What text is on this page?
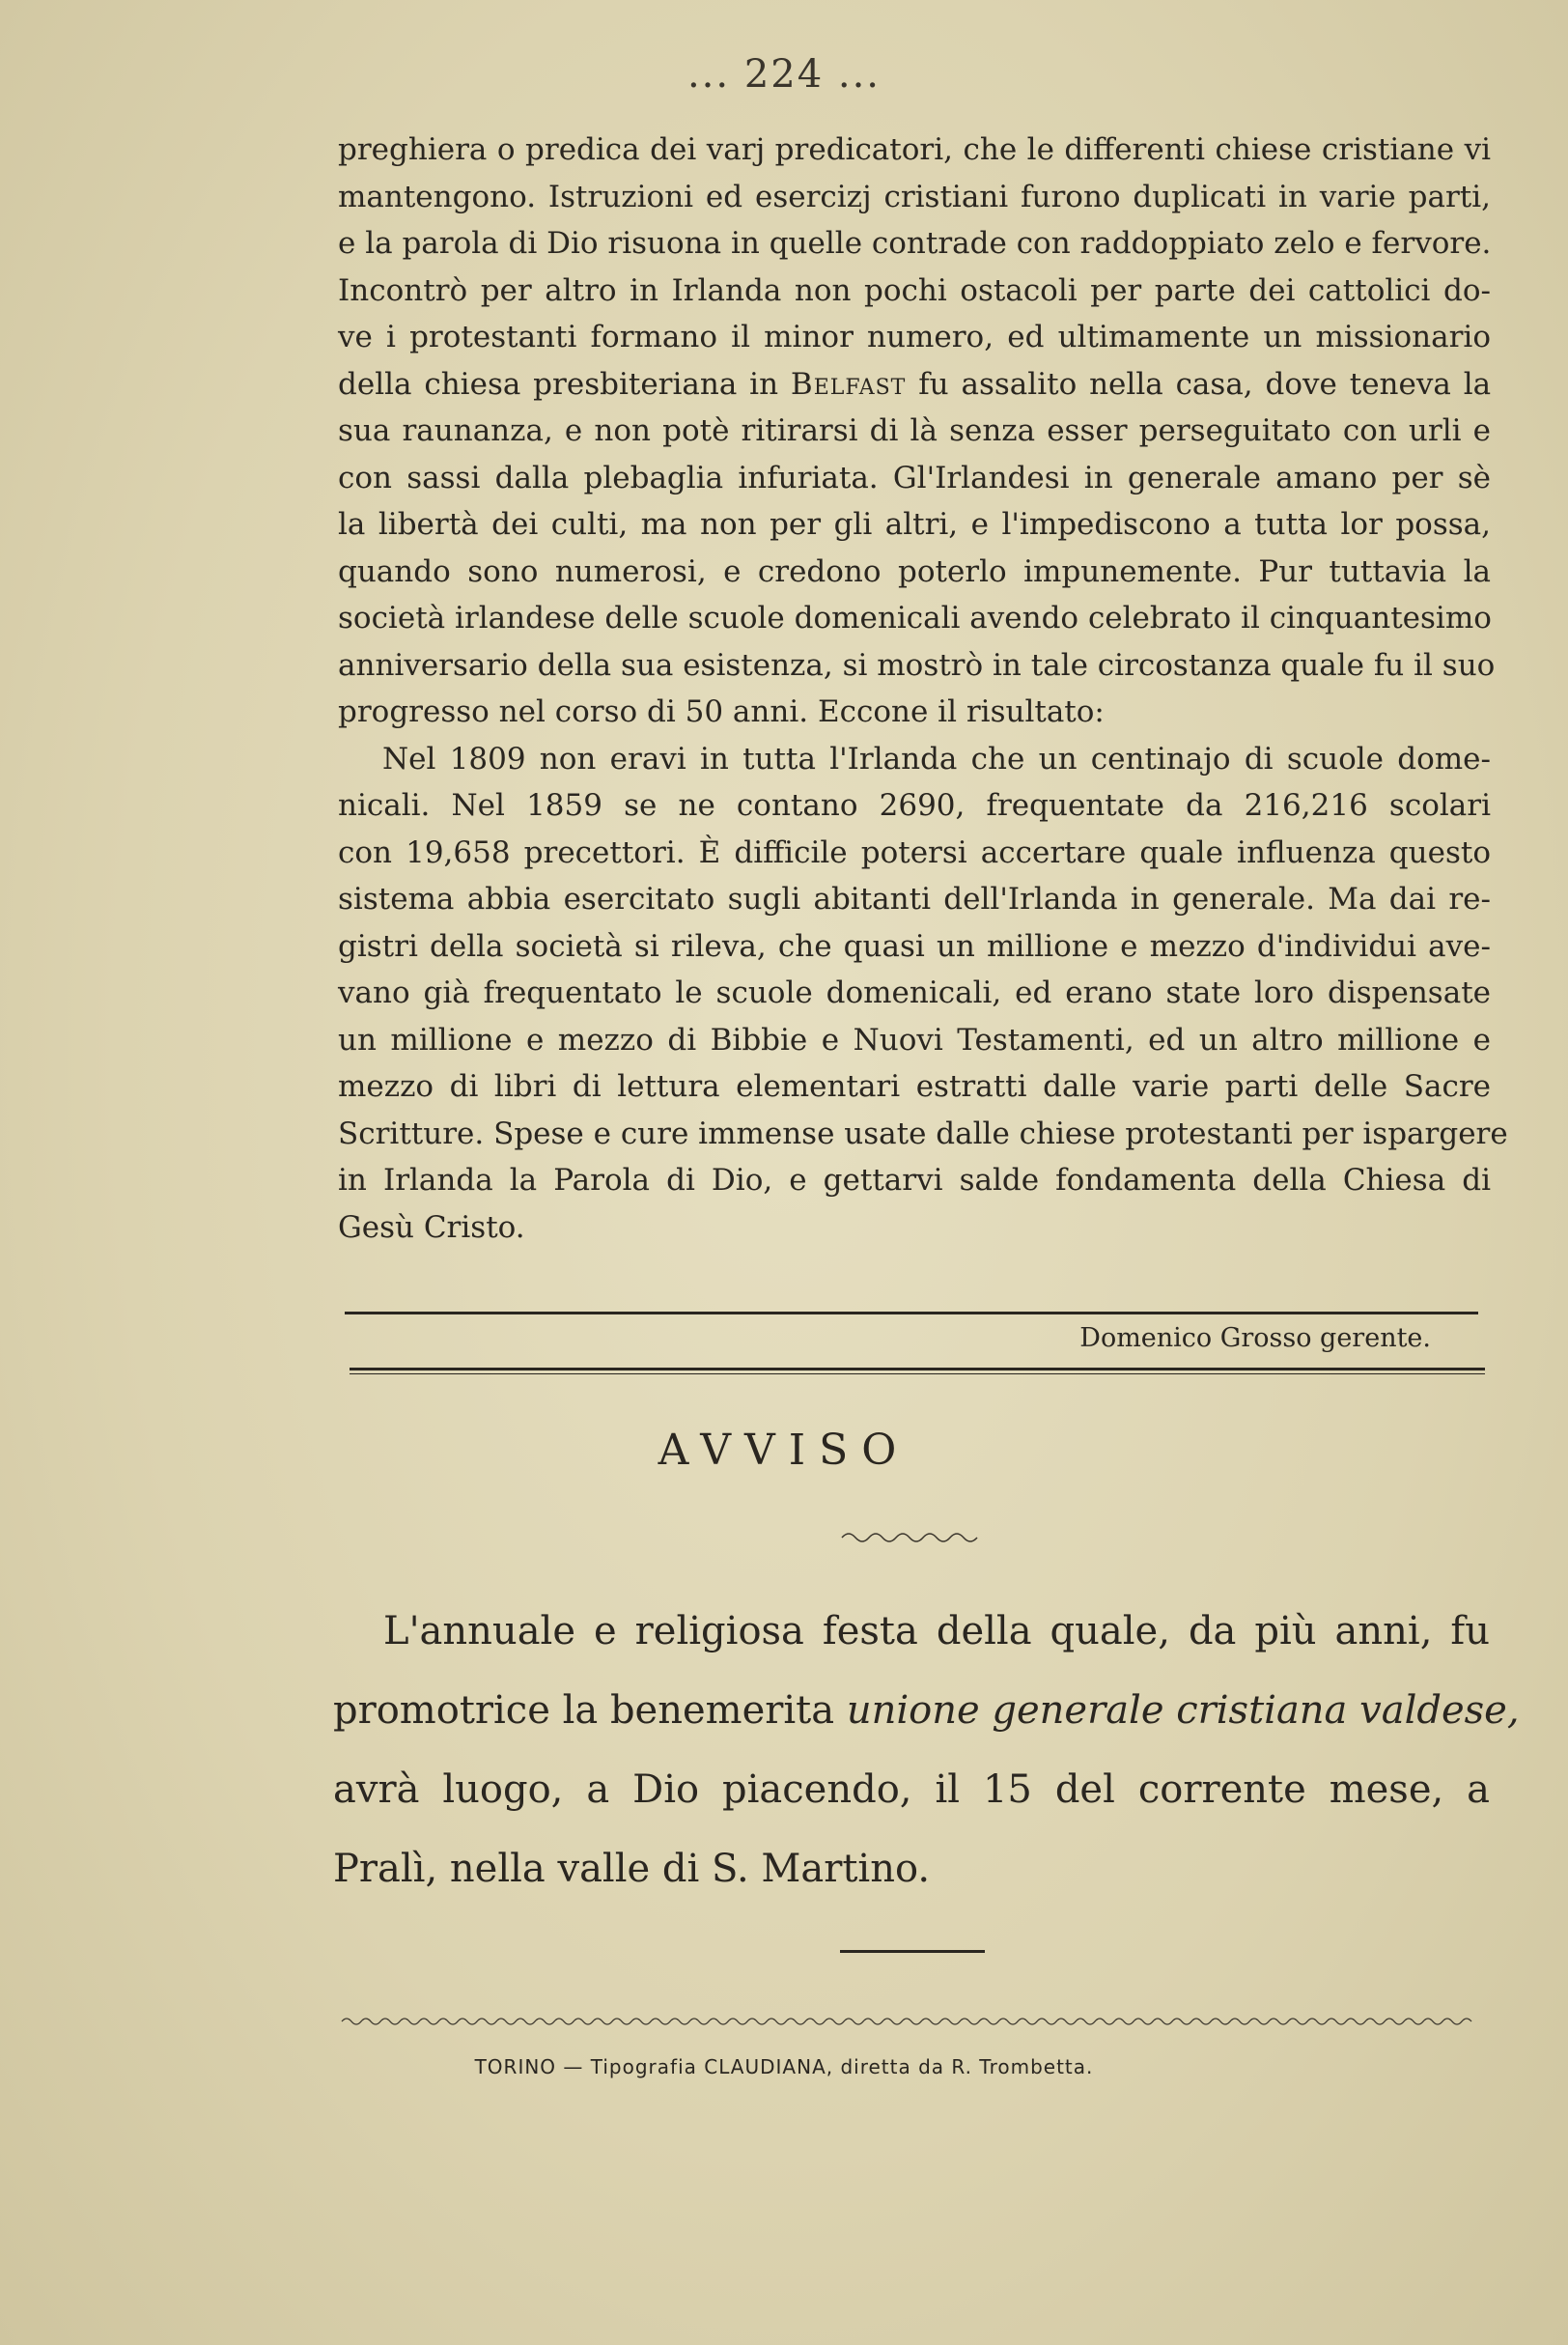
... 224 ...
preghiera o predica dei varj predicatori, che le differenti chiese cristiane vi
mantengono. Istruzioni ed esercizj cristiani furono duplicati in varie parti,
e la parola di Dio risuona in quelle contrade con raddoppiato zelo e fervore.
Incontrò per altro in Irlanda non pochi ostacoli per parte dei cattolici do-
ve i protestanti formano il minor numero, ed ultimamente un missionario
della chiesa presbiteriana in Belfast fu assalito nella casa, dove teneva la
sua raunanza, e non potè ritirarsi di là senza esser perseguitato con urli e
con sassi dalla plebaglia infuriata. Gl'Irlandesi in generale amano per sè
la libertà dei culti, ma non per gli altri, e l'impediscono a tutta lor possa,
quando sono numerosi, e credono poterlo impunemente. Pur tuttavia la
società irlandese delle scuole domenicali avendo celebrato il cinquantesimo
anniversario della sua esistenza, si mostrò in tale circostanza quale fu il suo
progresso nel corso di 50 anni. Eccone il risultato:
Nel 1809 non eravi in tutta l'Irlanda che un centinajo di scuole dome-
nicali. Nel 1859 se ne contano 2690, frequentate da 216,216 scolari
con 19,658 precettori. È difficile potersi accertare quale influenza questo
sistema abbia esercitato sugli abitanti dell'Irlanda in generale. Ma dai re-
gistri della società si rileva, che quasi un millione e mezzo d'individui ave-
vano già frequentato le scuole domenicali, ed erano state loro dispensate
un millione e mezzo di Bibbie e Nuovi Testamenti, ed un altro millione e
mezzo di libri di lettura elementari estratti dalle varie parti delle Sacre
Scritture. Spese e cure immense usate dalle chiese protestanti per ispargere
in Irlanda la Parola di Dio, e gettarvi salde fondamenta della Chiesa di
Gesù Cristo.
Domenico Grosso gerente.
AVVISO
L'annuale e religiosa festa della quale, da più anni, fu
promotrice la benemerita unione generale cristiana valdese,
avrà luogo, a Dio piacendo, il 15 del corrente mese, a
Pralì, nella valle di S. Martino.
TORINO — Tipografia CLAUDIANA, diretta da R. Trombetta.
